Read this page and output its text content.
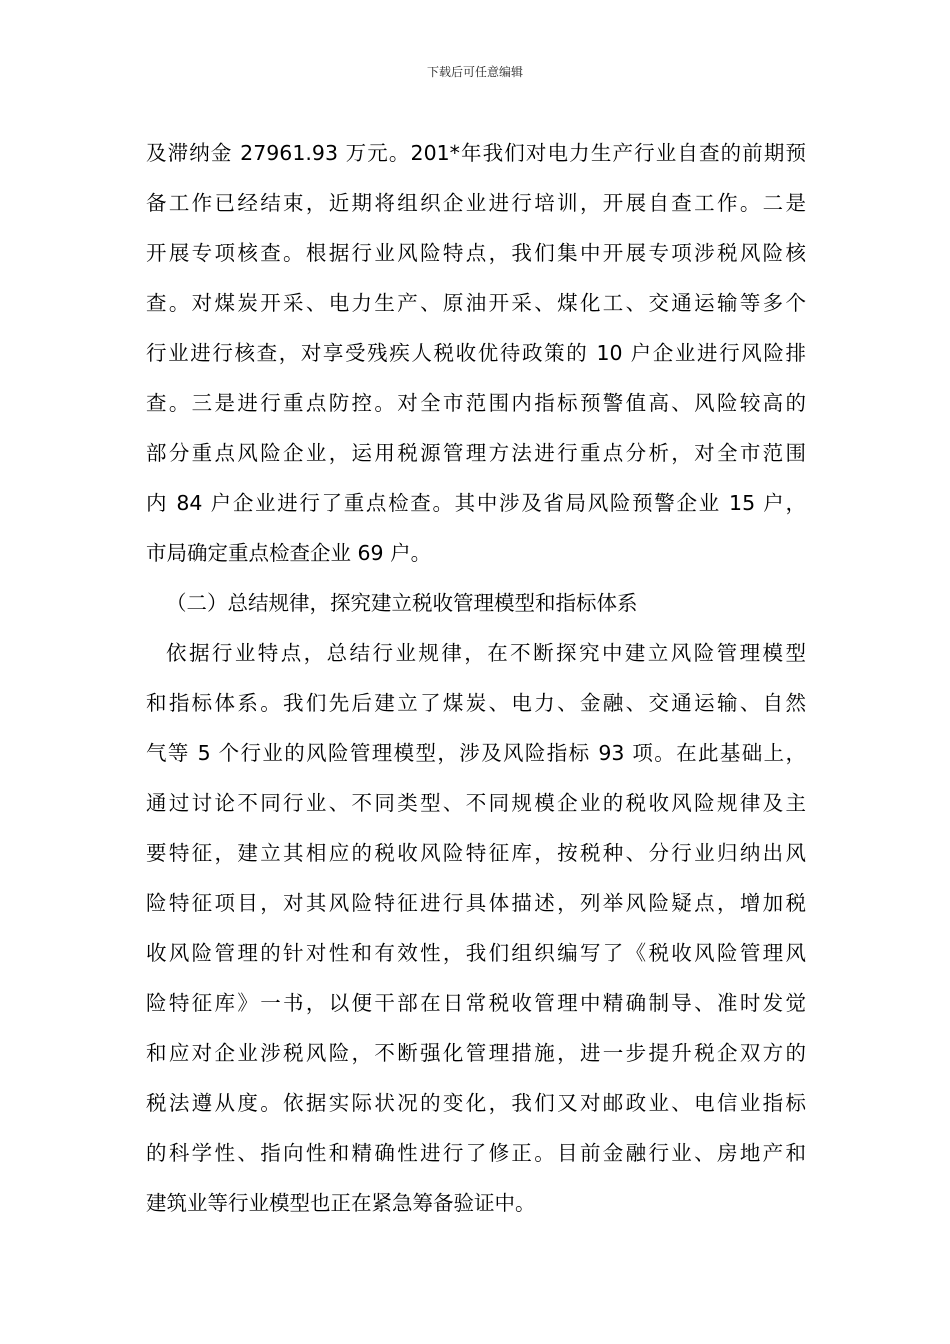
下载后可任意编辑
及滞纳金 27961.93 万元。201*年我们对电力生产行业自查的前期预
备工作已经结束，近期将组织企业进行培训，开展自查工作。二是
开展专项核查。根据行业风险特点，我们集中开展专项涉税风险核
查。对煤炭开采、电力生产、原油开采、煤化工、交通运输等多个
行业进行核查，对享受残疾人税收优待政策的 10 户企业进行风险排
查。三是进行重点防控。对全市范围内指标预警值高、风险较高的
部分重点风险企业，运用税源管理方法进行重点分析，对全市范围
内 84 户企业进行了重点检查。其中涉及省局风险预警企业 15 户，
市局确定重点检查企业 69 户。
（二）总结规律，探究建立税收管理模型和指标体系
依据行业特点，总结行业规律，在不断探究中建立风险管理模型
和指标体系。我们先后建立了煤炭、电力、金融、交通运输、自然
气等 5 个行业的风险管理模型，涉及风险指标 93 项。在此基础上，
通过讨论不同行业、不同类型、不同规模企业的税收风险规律及主
要特征，建立其相应的税收风险特征库，按税种、分行业归纳出风
险特征项目，对其风险特征进行具体描述，列举风险疑点，增加税
收风险管理的针对性和有效性，我们组织编写了《税收风险管理风
险特征库》一书，以便干部在日常税收管理中精确制导、准时发觉
和应对企业涉税风险，不断强化管理措施，进一步提升税企双方的
税法遵从度。依据实际状况的变化，我们又对邮政业、电信业指标
的科学性、指向性和精确性进行了修正。目前金融行业、房地产和
建筑业等行业模型也正在紧急筹备验证中。
